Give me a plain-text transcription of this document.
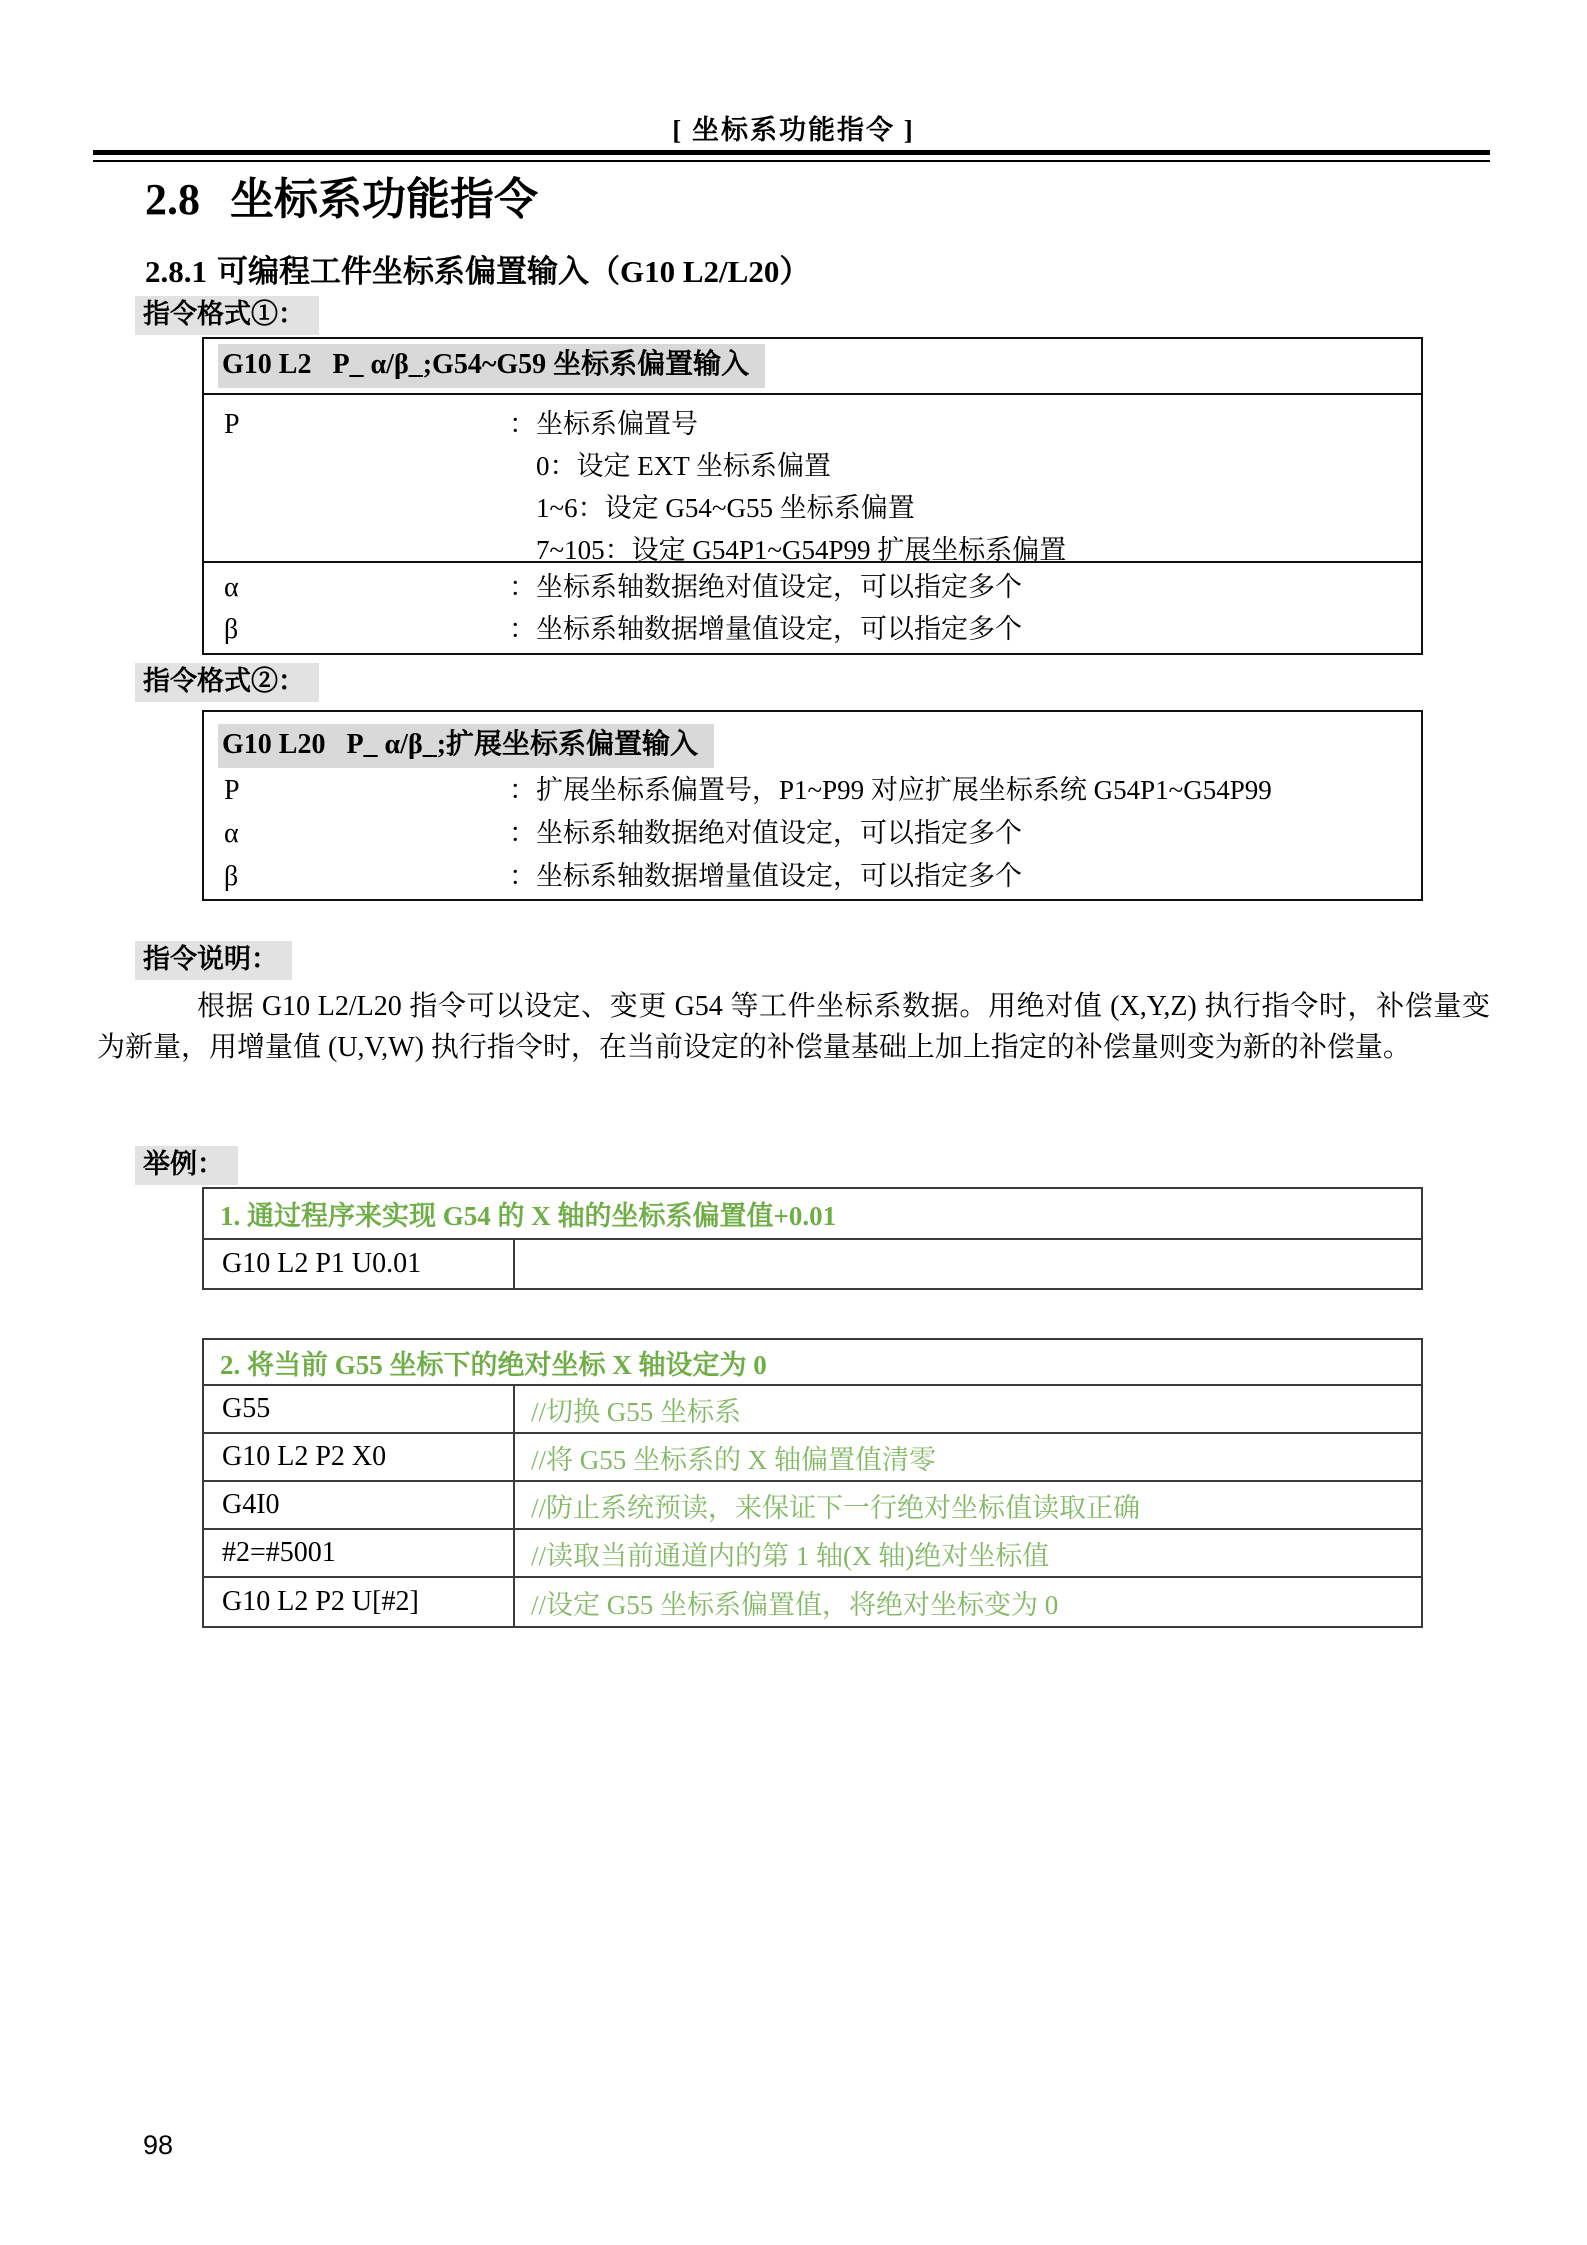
[ 坐标系功能指令 ]
2.8 坐标系功能指令
2.8.1 可编程工件坐标系偏置输入（G10 L2/L20）
指令格式①：
G10 L2   P_ α/β_;G54~G59 坐标系偏置输入
P	：坐标系偏置号
0：设定 EXT 坐标系偏置
1~6：设定 G54~G55 坐标系偏置
7~105：设定 G54P1~G54P99 扩展坐标系偏置
α	：坐标系轴数据绝对值设定，可以指定多个
β	：坐标系轴数据增量值设定，可以指定多个
指令格式②：
G10 L20   P_ α/β_;扩展坐标系偏置输入
P	：扩展坐标系偏置号，P1~P99 对应扩展坐标系统 G54P1~G54P99
α	：坐标系轴数据绝对值设定，可以指定多个
β	：坐标系轴数据增量值设定，可以指定多个
指令说明：
根据 G10 L2/L20 指令可以设定、变更 G54 等工件坐标系数据。用绝对值 (X,Y,Z) 执行指令时，补偿量变为新量，用增量值 (U,V,W) 执行指令时，在当前设定的补偿量基础上加上指定的补偿量则变为新的补偿量。
举例：
1. 通过程序来实现 G54 的 X 轴的坐标系偏置值+0.01
G10 L2 P1 U0.01
2. 将当前 G55 坐标下的绝对坐标 X 轴设定为 0
G55	//切换 G55 坐标系
G10 L2 P2 X0	//将 G55 坐标系的 X 轴偏置值清零
G4I0	//防止系统预读，来保证下一行绝对坐标值读取正确
#2=#5001	//读取当前通道内的第 1 轴(X 轴)绝对坐标值
G10 L2 P2 U[#2]	//设定 G55 坐标系偏置值，将绝对坐标变为 0
98
